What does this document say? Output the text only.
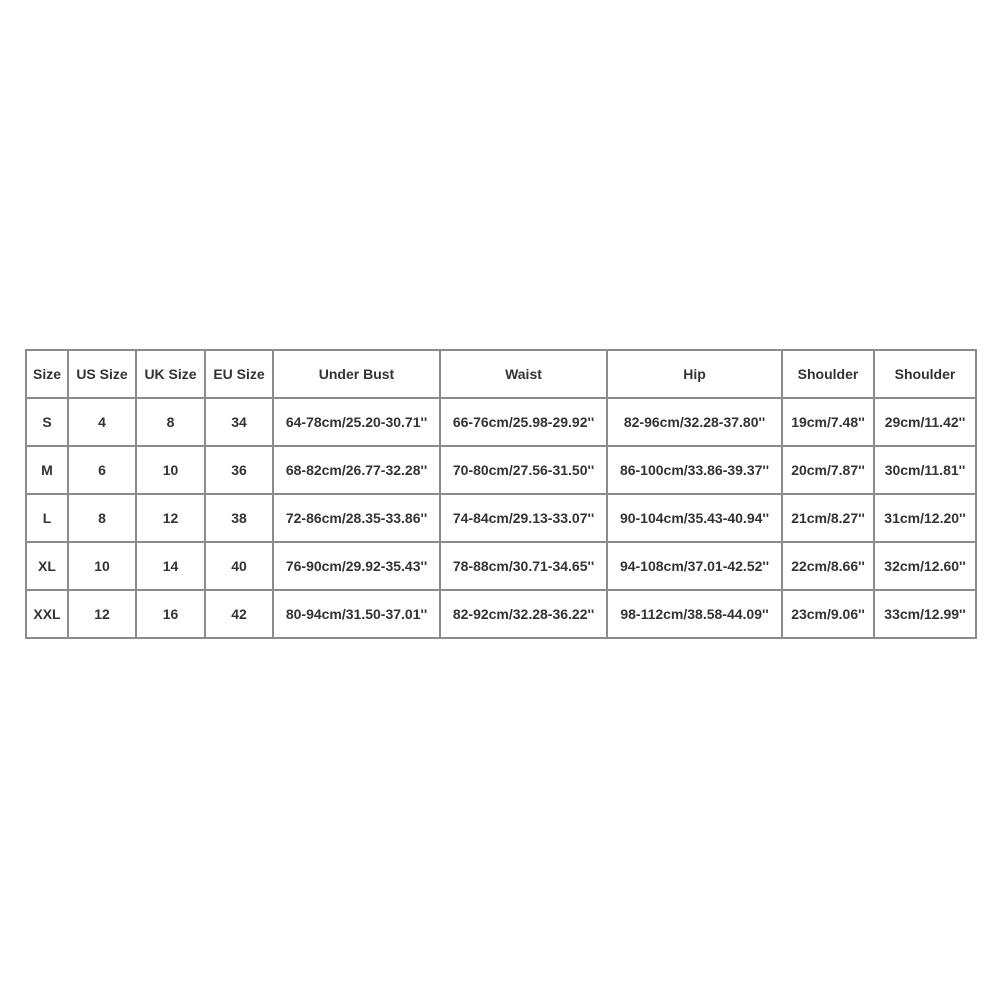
Size	US Size	UK Size	EU Size	Under Bust	Waist	Hip	Shoulder	Shoulder
S	4	8	34	64-78cm/25.20-30.71''	66-76cm/25.98-29.92''	82-96cm/32.28-37.80''	19cm/7.48''	29cm/11.42''
M	6	10	36	68-82cm/26.77-32.28''	70-80cm/27.56-31.50''	86-100cm/33.86-39.37''	20cm/7.87''	30cm/11.81''
L	8	12	38	72-86cm/28.35-33.86''	74-84cm/29.13-33.07''	90-104cm/35.43-40.94''	21cm/8.27''	31cm/12.20''
XL	10	14	40	76-90cm/29.92-35.43''	78-88cm/30.71-34.65''	94-108cm/37.01-42.52''	22cm/8.66''	32cm/12.60''
XXL	12	16	42	80-94cm/31.50-37.01''	82-92cm/32.28-36.22''	98-112cm/38.58-44.09''	23cm/9.06''	33cm/12.99''
